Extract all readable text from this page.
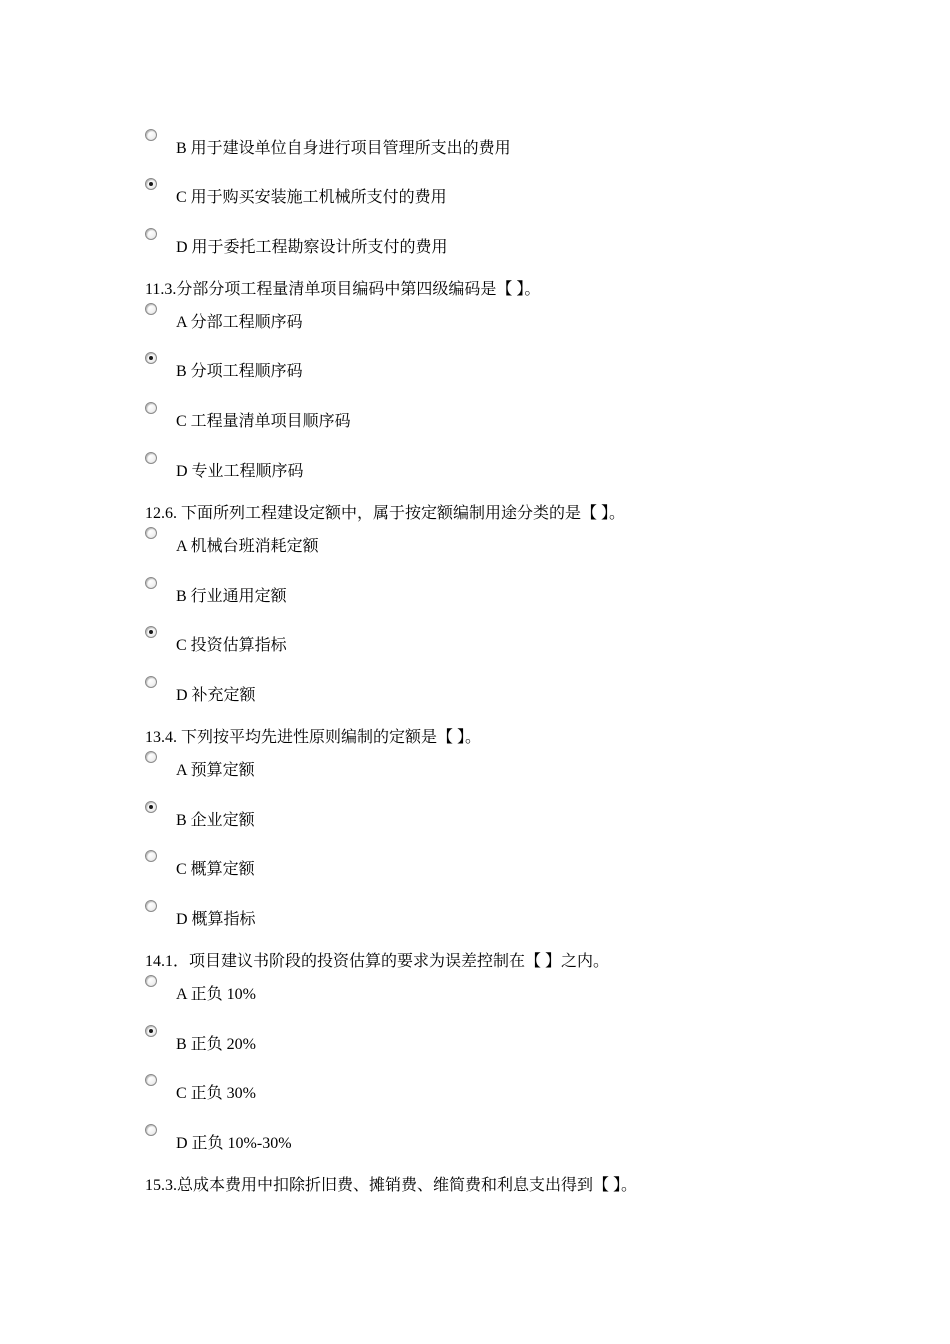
B 用于建设单位自身进行项目管理所支出的费用
C 用于购买安装施工机械所支付的费用
D 用于委托工程勘察设计所支付的费用
11.3.分部分项工程量清单项目编码中第四级编码是【 】。
A 分部工程顺序码
B 分项工程顺序码
C 工程量清单项目顺序码
D 专业工程顺序码
12.6. 下面所列工程建设定额中，属于按定额编制用途分类的是【 】。
A 机械台班消耗定额
B 行业通用定额
C 投资估算指标
D 补充定额
13.4. 下列按平均先进性原则编制的定额是【 】。
A 预算定额
B 企业定额
C 概算定额
D 概算指标
14.1．项目建议书阶段的投资估算的要求为误差控制在【 】之内。
A 正负 10%
B 正负 20%
C 正负 30%
D 正负 10%-30%
15.3.总成本费用中扣除折旧费、摊销费、维简费和利息支出得到【 】。
